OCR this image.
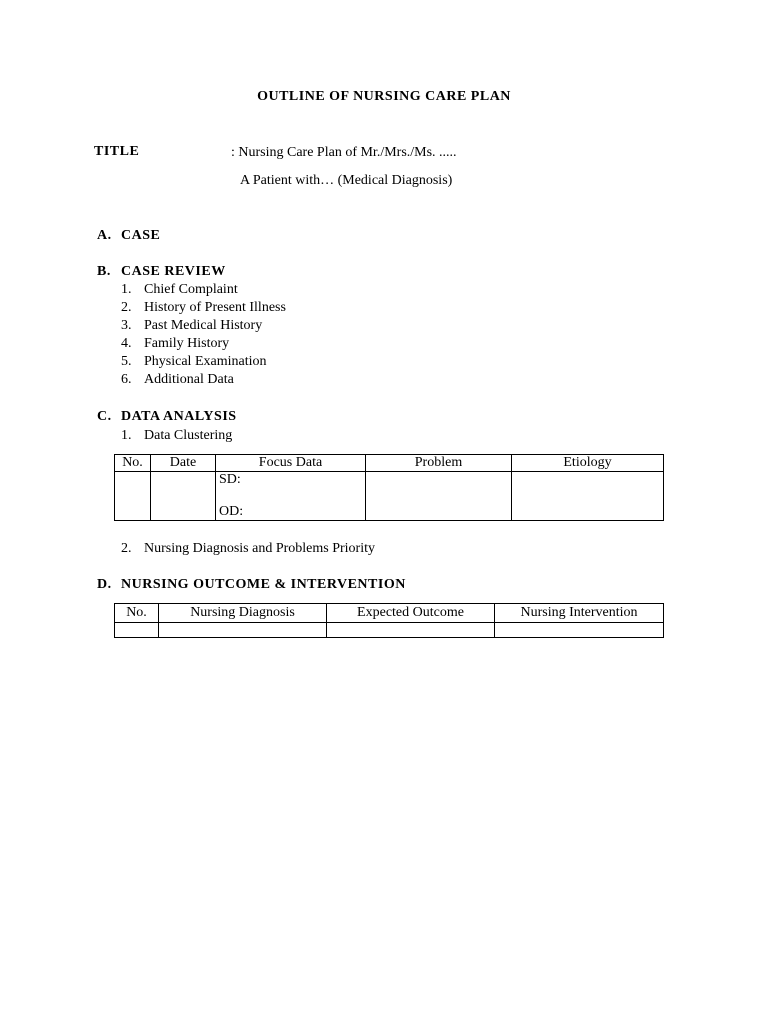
OUTLINE OF NURSING CARE PLAN
TITLE	: Nursing Care Plan of Mr./Mrs./Ms. .....
A Patient with… (Medical Diagnosis)
A. CASE
B. CASE REVIEW
1. Chief Complaint
2. History of Present Illness
3. Past Medical History
4. Family History
5. Physical Examination
6. Additional Data
C. DATA ANALYSIS
1. Data Clustering
No.	Date	Focus Data	Problem	Etiology

		SD:
OD:		

2. Nursing Diagnosis and Problems Priority
D. NURSING OUTCOME & INTERVENTION
No.	Nursing Diagnosis	Expected Outcome	Nursing Intervention
